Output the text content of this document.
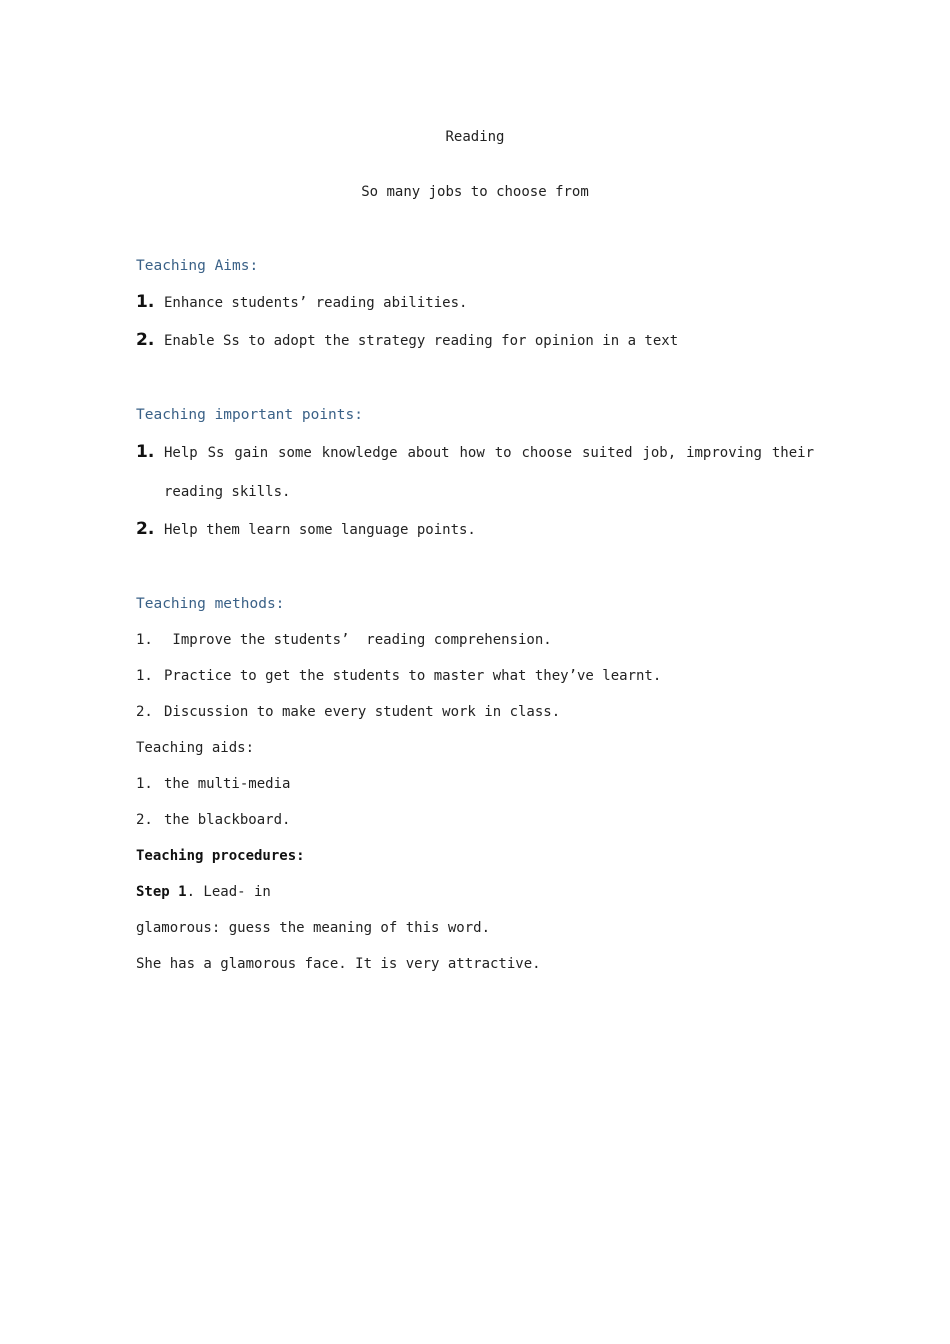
Reading
So many jobs to choose from
Teaching Aims:
1. Enhance students’ reading abilities.
2. Enable Ss to adopt the strategy reading for opinion in a text
Teaching important points:
1. Help Ss gain some knowledge about how to choose suited job, improving their
reading skills.
2. Help them learn some language points.
Teaching methods:
1. Improve the students’  reading comprehension.
1. Practice to get the students to master what they’ve learnt.
2. Discussion to make every student work in class.
Teaching aids:
1. the multi-media
2. the blackboard.
Teaching procedures:
Step 1. Lead- in
glamorous: guess the meaning of this word.
She has a glamorous face. It is very attractive.
